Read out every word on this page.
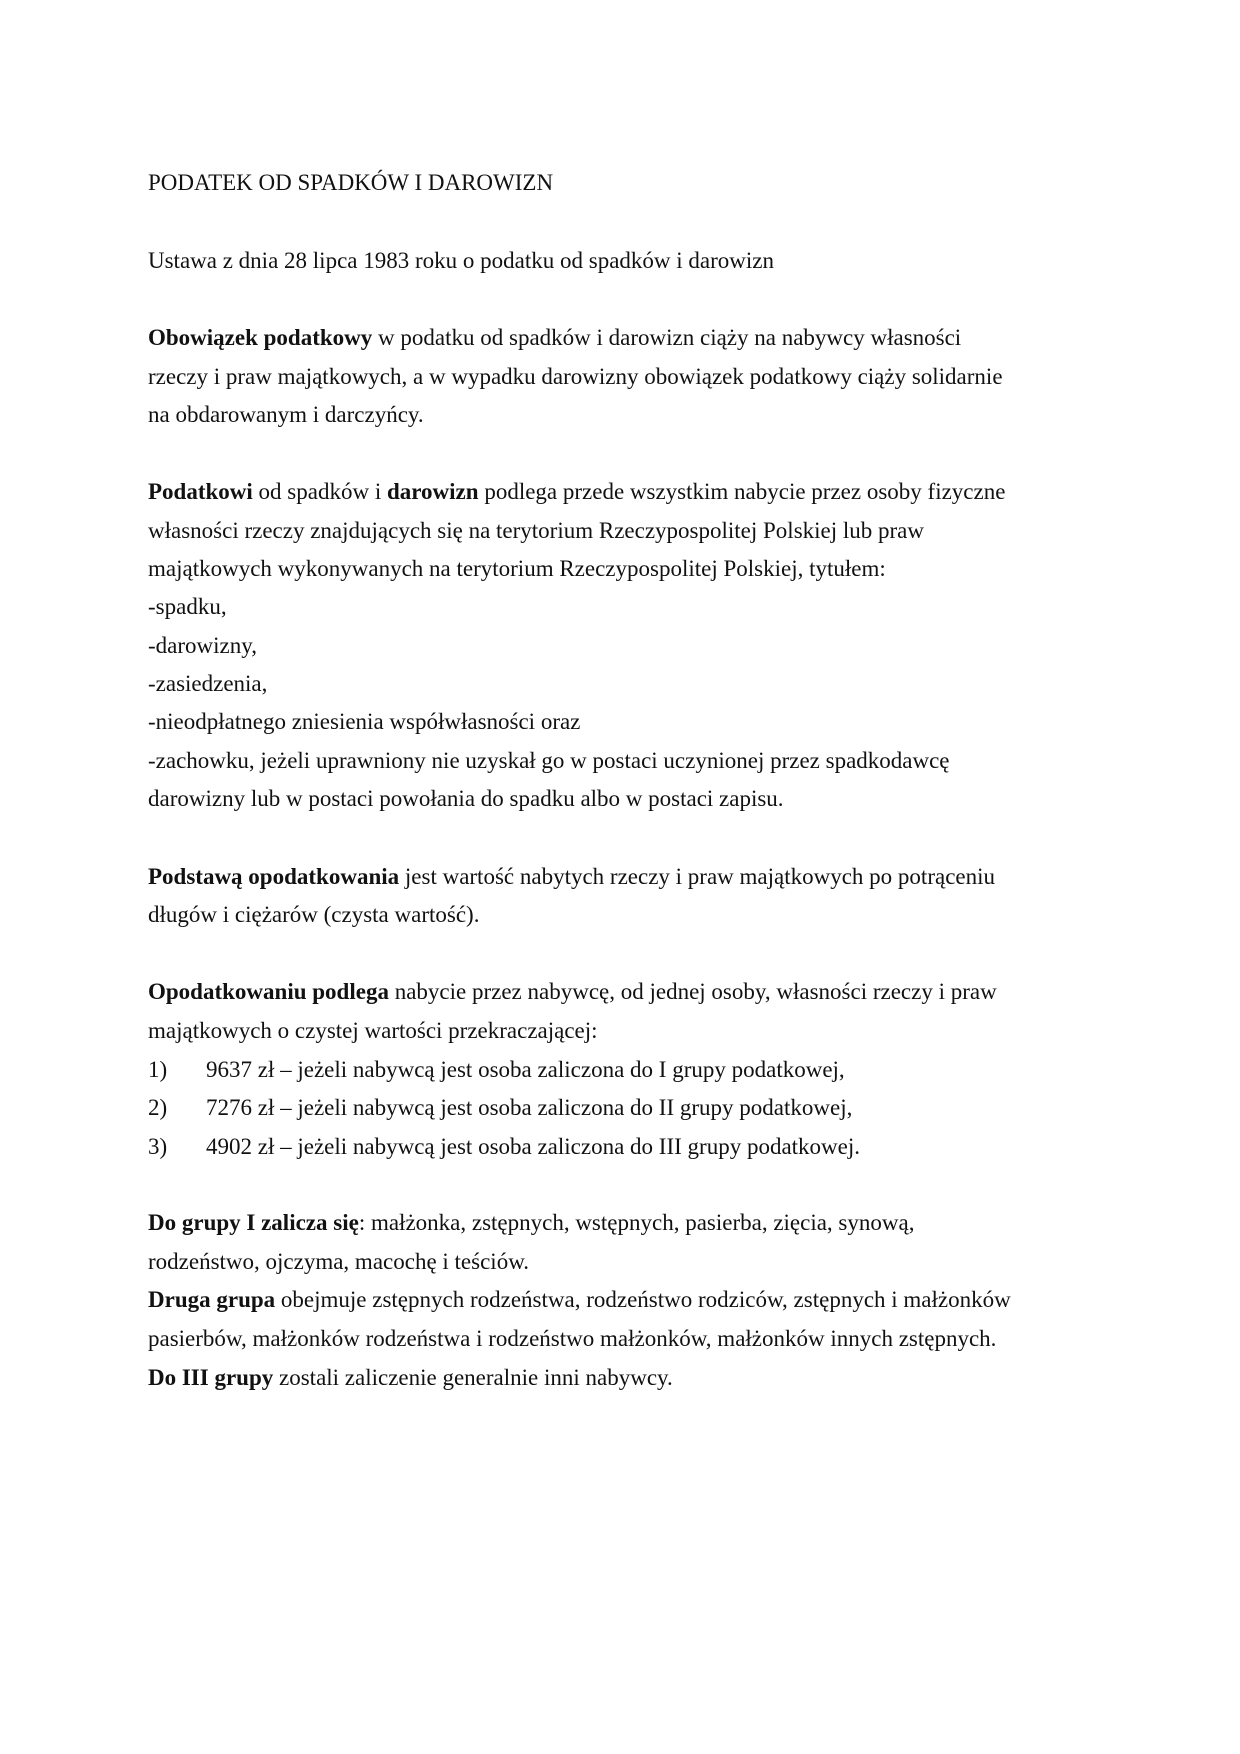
PODATEK OD SPADKÓW I DAROWIZN
Ustawa z dnia 28 lipca 1983 roku o podatku od spadków i darowizn
Obowiązek podatkowy w podatku od spadków i darowizn ciąży na nabywcy własności
rzeczy i praw majątkowych, a w wypadku darowizny obowiązek podatkowy ciąży solidarnie
na obdarowanym i darczyńcy.
Podatkowi od spadków i darowizn podlega przede wszystkim nabycie przez osoby fizyczne
własności rzeczy znajdujących się na terytorium Rzeczypospolitej Polskiej lub praw
majątkowych wykonywanych na terytorium Rzeczypospolitej Polskiej, tytułem:
-spadku,
-darowizny,
-zasiedzenia,
-nieodpłatnego zniesienia współwłasności oraz
-zachowku, jeżeli uprawniony nie uzyskał go w postaci uczynionej przez spadkodawcę
darowizny lub w postaci powołania do spadku albo w postaci zapisu.
Podstawą opodatkowania jest wartość nabytych rzeczy i praw majątkowych po potrąceniu
długów i ciężarów (czysta wartość).
Opodatkowaniu podlega nabycie przez nabywcę, od jednej osoby, własności rzeczy i praw
majątkowych o czystej wartości przekraczającej:
1) 9637 zł – jeżeli nabywcą jest osoba zaliczona do I grupy podatkowej,
2) 7276 zł – jeżeli nabywcą jest osoba zaliczona do II grupy podatkowej,
3) 4902 zł – jeżeli nabywcą jest osoba zaliczona do III grupy podatkowej.
Do grupy I zalicza się: małżonka, zstępnych, wstępnych, pasierba, zięcia, synową,
rodzeństwo, ojczyma, macochę i teściów.
Druga grupa obejmuje zstępnych rodzeństwa, rodzeństwo rodziców, zstępnych i małżonków
pasierbów, małżonków rodzeństwa i rodzeństwo małżonków, małżonków innych zstępnych.
Do III grupy zostali zaliczenie generalnie inni nabywcy.
